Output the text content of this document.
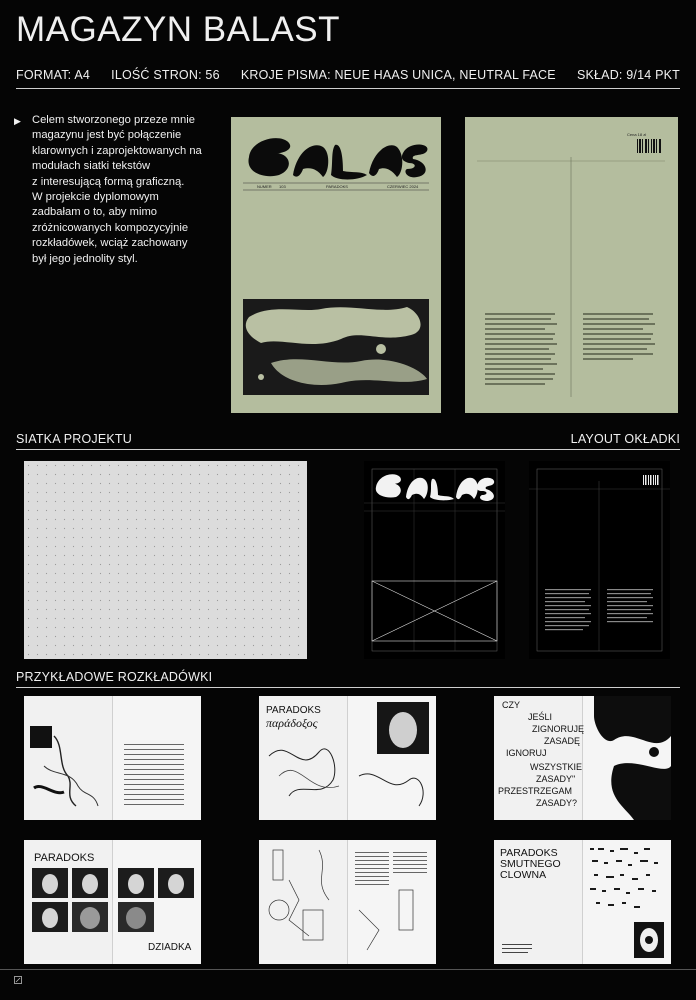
MAGAZYN BALAST
FORMAT: A4 ILOŚĆ STRON: 56 KROJE PISMA: NEUE HAAS UNICA, NEUTRAL FACE SKŁAD: 9/14 PKT
▶ Celem stworzonego przeze mnie

magazynu jest być połączenie

klarownych i zaprojektowanych na

modułach siatki tekstów

z interesującą formą graficzną.

W projekcie dyplomowym

zadbałam o to, aby mimo

zróżnicowanych kompozycyjnie

rozkładówek, wciąż zachowany

był jego jednolity styl.

NUMER 103	PARADOKS	CZERWIEC 2024
Cena 18 zł
SIATKA PROJEKTU	LAYOUT OKŁADKI
PRZYKŁADOWE ROZKŁADÓWKI
PARADOKS
παράδοξος
CZY
JEŚLI
ZIGNORUJĘ
ZASADĘ
IGNORUJ
WSZYSTKIE
ZASADY"
PRZESTRZEGAM
ZASADY?
PARADOKS
DZIADKA
PARADOKS
SMUTNEGO
CLOWNA
